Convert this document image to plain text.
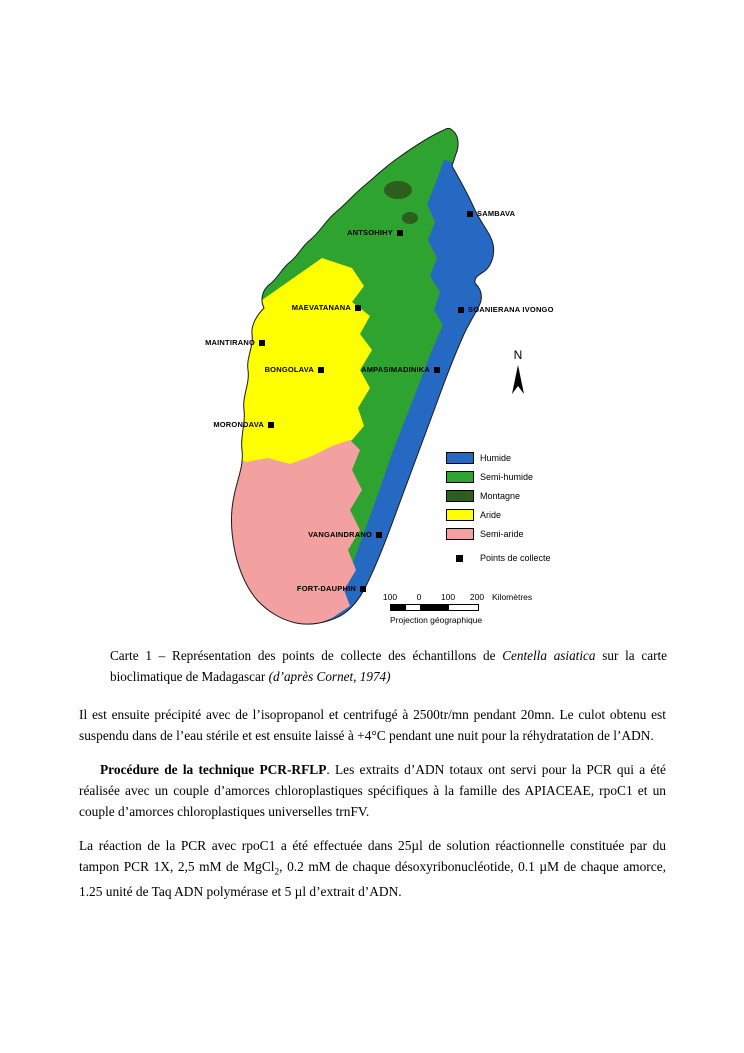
SAMBAVA
ANTSOHIHY
MAEVATANANA	SOANIERANA IVONGO
MAINTIRANO
BONGOLAVA	AMPASIMADINIKA
MORONDAVA
VANGAINDRANO
FORT-DAUPHIN
N
Humide
Semi-humide
Montagne
Aride
Semi-aride
Points de collecte
Kilomètres
100 0 100 200
Projection géographique
Carte 1 – Représentation des points de collecte des échantillons de Centella asiatica sur la carte bioclimatique de Madagascar (d’après Cornet, 1974)

Il est ensuite précipité avec de l’isopropanol et centrifugé à 2500tr/mn pendant 20mn. Le culot obtenu est suspendu dans de l’eau stérile et est ensuite laissé à +4°C pendant une nuit pour la réhydratation de l’ADN.

Procédure de la technique PCR-RFLP. Les extraits d’ADN totaux ont servi pour la PCR qui a été réalisée avec un couple d’amorces chloroplastiques spécifiques à la famille des APIACEAE, rpoC1 et un couple d’amorces chloroplastiques universelles trnFV.

La réaction de la PCR avec rpoC1 a été effectuée dans 25µl de solution réactionnelle constituée par du tampon PCR 1X, 2,5 mM de MgCl$_2$, 0.2 mM de chaque désoxyribonucléotide, 0.1 µM de chaque amorce, 1.25 unité de Taq ADN polymérase et 5 µl d’extrait d’ADN.
